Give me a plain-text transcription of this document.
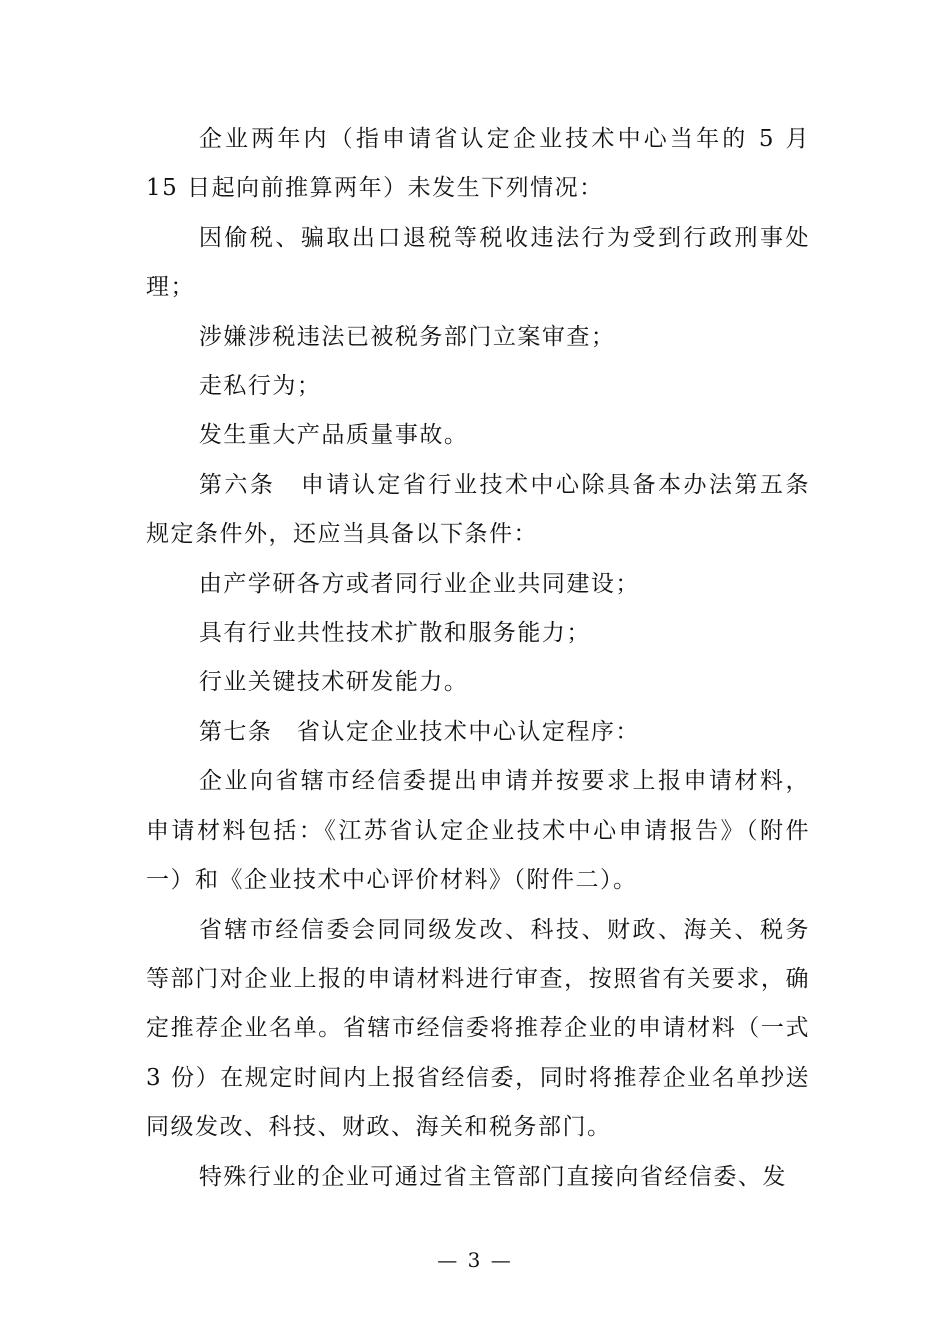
企业两年内（指申请省认定企业技术中心当年的 5 月 15 日起向前推算两年）未发生下列情况：

因偷税、骗取出口退税等税收违法行为受到行政刑事处理；

涉嫌涉税违法已被税务部门立案审查；

走私行为；

发生重大产品质量事故。

第六条　申请认定省行业技术中心除具备本办法第五条规定条件外，还应当具备以下条件：

由产学研各方或者同行业企业共同建设；

具有行业共性技术扩散和服务能力；

行业关键技术研发能力。

第七条　省认定企业技术中心认定程序：

企业向省辖市经信委提出申请并按要求上报申请材料，申请材料包括：《江苏省认定企业技术中心申请报告》（附件一）和《企业技术中心评价材料》（附件二）。

省辖市经信委会同同级发改、科技、财政、海关、税务等部门对企业上报的申请材料进行审查，按照省有关要求，确定推荐企业名单。省辖市经信委将推荐企业的申请材料（一式 3 份）在规定时间内上报省经信委，同时将推荐企业名单抄送同级发改、科技、财政、海关和税务部门。

特殊行业的企业可通过省主管部门直接向省经信委、发

— 3 —
